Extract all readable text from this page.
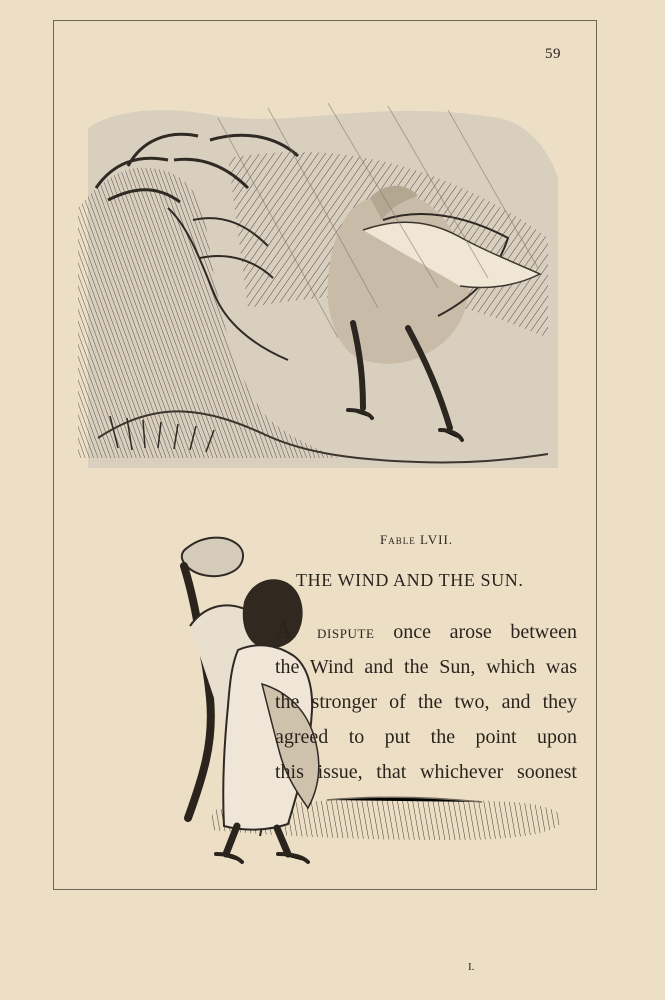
59
Fable LVII.
THE WIND AND THE SUN.
A dispute once arose between
the Wind and the Sun, which was
the stronger of the two, and they
agreed to put the point upon
this issue, that whichever soonest
I.
